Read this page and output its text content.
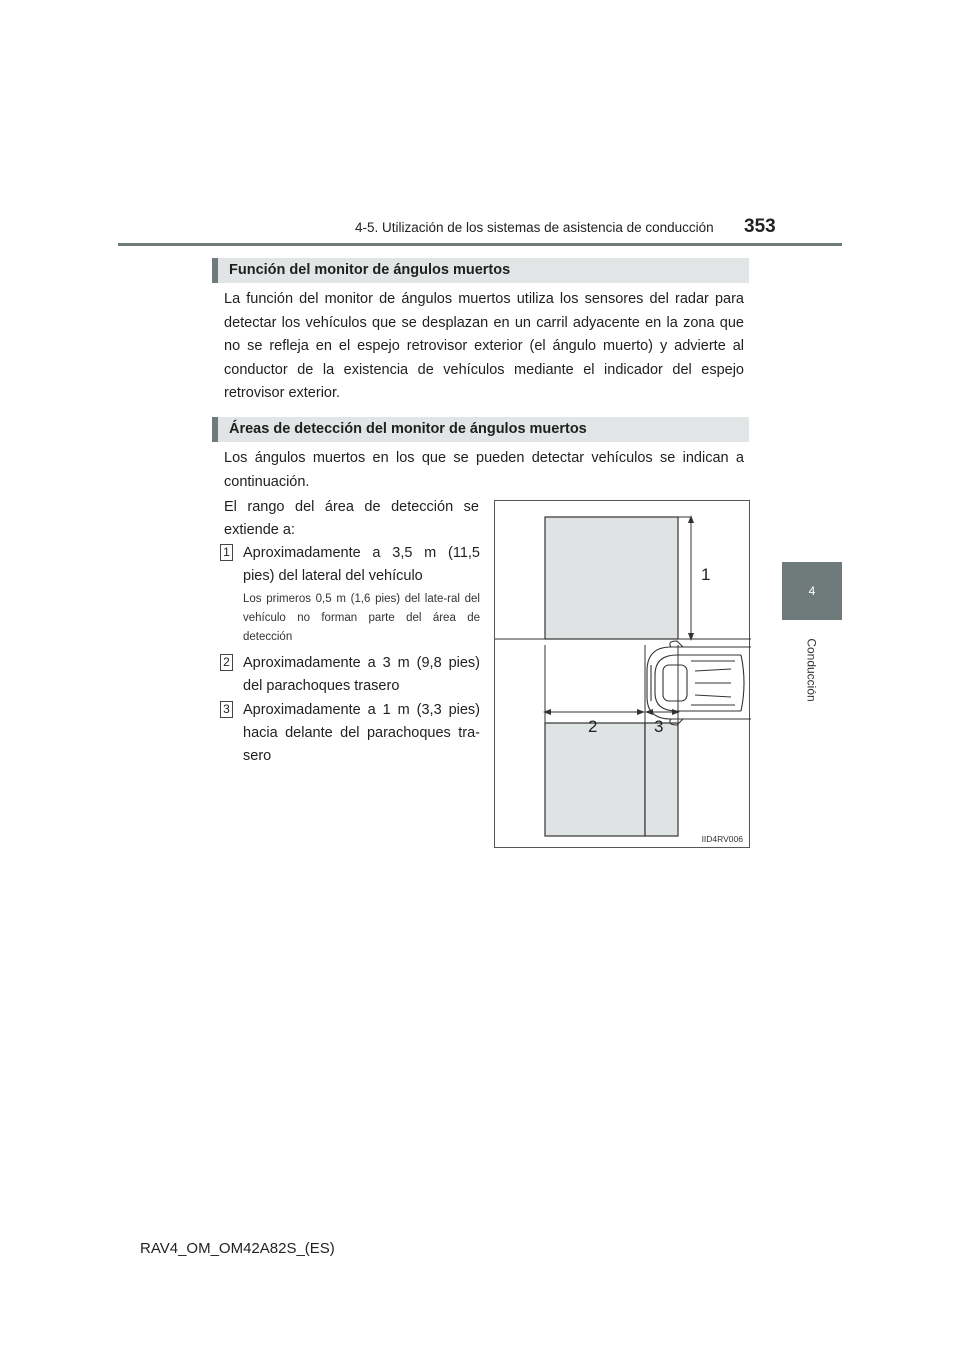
4-5. Utilización de los sistemas de asistencia de conducción 353
4
Conducción
Función del monitor de ángulos muertos

La función del monitor de ángulos muertos utiliza los sensores del radar para detectar los vehículos que se desplazan en un carril adyacente en la zona que no se refleja en el espejo retrovisor exterior (el ángulo muerto) y advierte al conductor de la existencia de vehículos mediante el indicador del espejo retrovisor exterior.

Áreas de detección del monitor de ángulos muertos

Los ángulos muertos en los que se pueden detectar vehículos se indican a continuación.

El rango del área de detección se extiende a:

1 Aproximadamente a 3,5 m (11,5 pies) del lateral del vehículo

Los primeros 0,5 m (1,6 pies) del late-ral del vehículo no forman parte del área de detección

2 Aproximadamente a 3 m (9,8 pies) del parachoques trasero
3 Aproximadamente a 1 m (3,3 pies) hacia delante del parachoques tra-sero
1
2	3
IID4RV006
RAV4_OM_OM42A82S_(ES)
